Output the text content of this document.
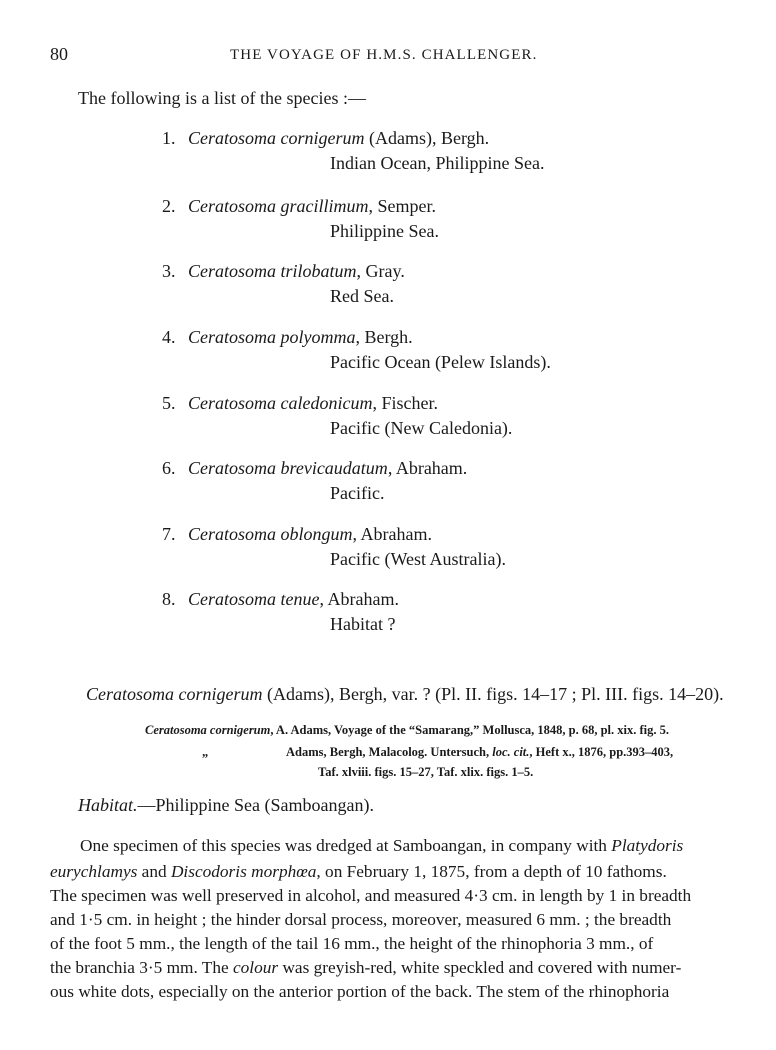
80	THE VOYAGE OF H.M.S. CHALLENGER.
The following is a list of the species :—
1. Ceratosoma cornigerum (Adams), Bergh.
Indian Ocean, Philippine Sea.
2. Ceratosoma gracillimum, Semper.
Philippine Sea.
3. Ceratosoma trilobatum, Gray.
Red Sea.
4. Ceratosoma polyomma, Bergh.
Pacific Ocean (Pelew Islands).
5. Ceratosoma caledonicum, Fischer.
Pacific (New Caledonia).
6. Ceratosoma brevicaudatum, Abraham.
Pacific.
7. Ceratosoma oblongum, Abraham.
Pacific (West Australia).
8. Ceratosoma tenue, Abraham.
Habitat ?
Ceratosoma cornigerum (Adams), Bergh, var. ? (Pl. II. figs. 14–17 ; Pl. III. figs. 14–20).
Ceratosoma cornigerum, A. Adams, Voyage of the “Samarang,” Mollusca, 1848, p. 68, pl. xix. fig. 5.
„	Adams, Bergh, Malacolog. Untersuch, loc. cit., Heft x., 1876, pp.393–403,
Taf. xlviii. figs. 15–27, Taf. xlix. figs. 1–5.
Habitat.—Philippine Sea (Samboangan).
One specimen of this species was dredged at Samboangan, in company with Platydoris
eurychlamys and Discodoris morphœa, on February 1, 1875, from a depth of 10 fathoms.
The specimen was well preserved in alcohol, and measured 4·3 cm. in length by 1 in breadth
and 1·5 cm. in height ; the hinder dorsal process, moreover, measured 6 mm. ; the breadth
of the foot 5 mm., the length of the tail 16 mm., the height of the rhinophoria 3 mm., of
the branchia 3·5 mm. The colour was greyish-red, white speckled and covered with numer-
ous white dots, especially on the anterior portion of the back. The stem of the rhinophoria
